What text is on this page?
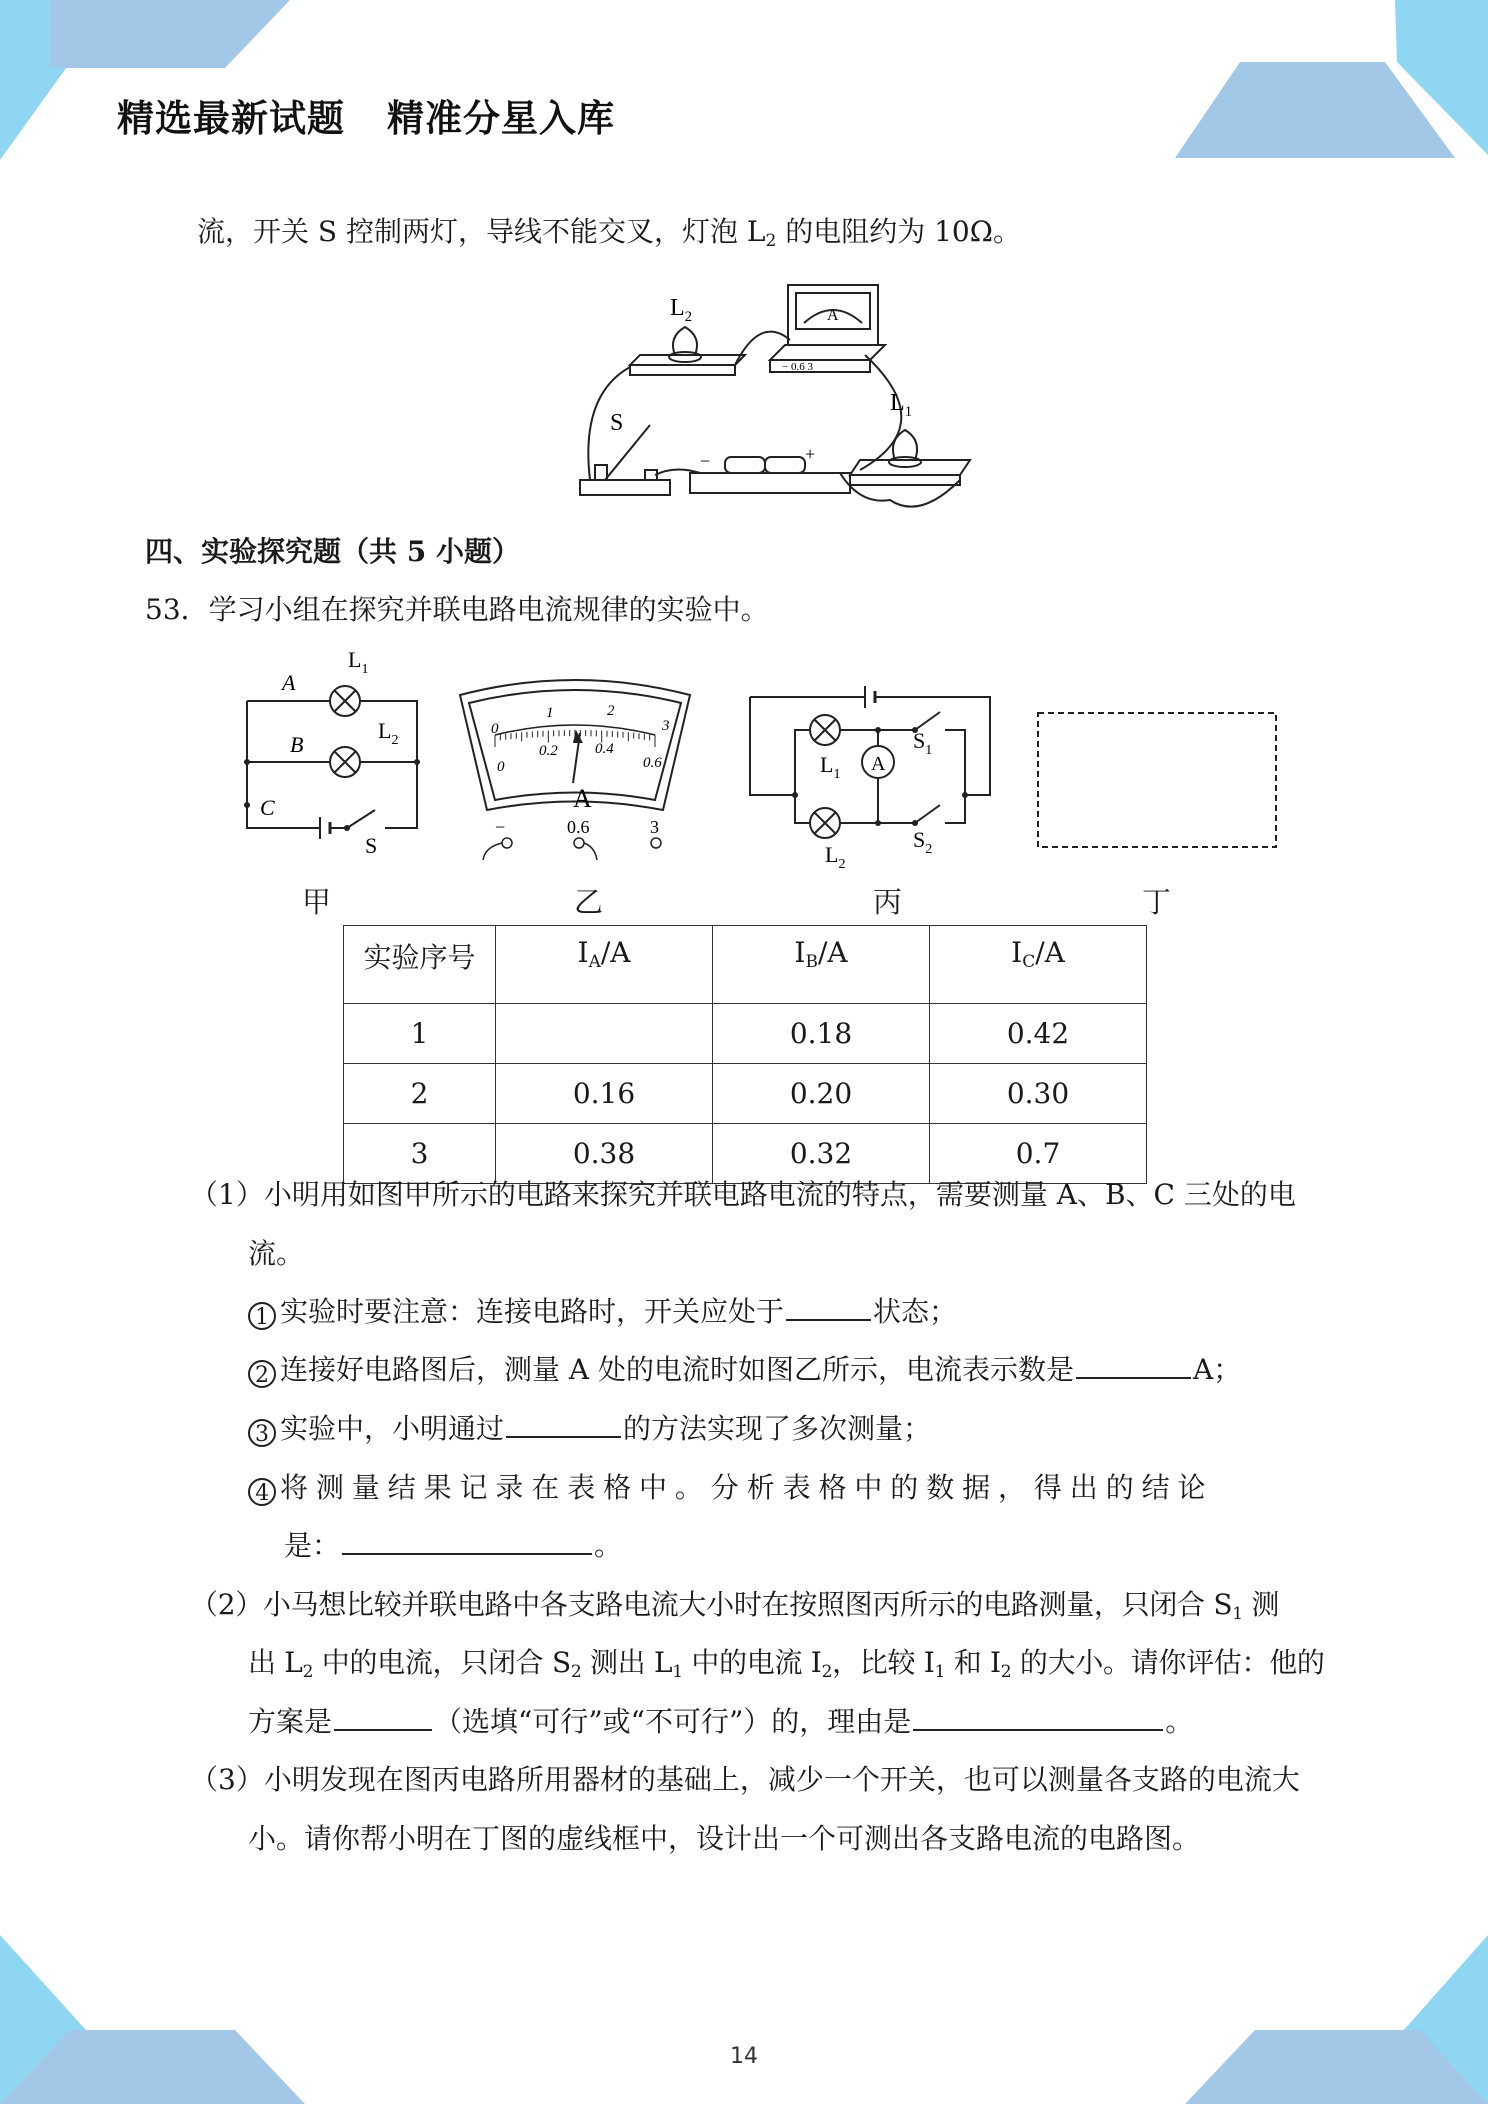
精选最新试题 精准分星入库
流，开关 S 控制两灯，导线不能交叉，灯泡 $L_2$ 的电阻约为 10Ω。
$L_2$
$L_1$
S
A
− 0.6 3
−	+
四、实验探究题（共 5 小题）
53．学习小组在探究并联电路电流规律的实验中。
A
B
C
$L_1$
$L_2$
S
0
1	2
3
0
0.2 0.4
0.6
A
−	0.6	3
A
$L_1$
$L_2$
$S_1$
$S_2$
甲	乙	丙	丁
实验序号	$I_A/A$	$I_B/A$	$I_C/A$
1		0.18	0.42
2	0.16	0.20	0.30
3	0.38	0.32	0.7
（1）小明用如图甲所示的电路来探究并联电路电流的特点，需要测量 A、B、C 三处的电
流。
1 实验时要注意：连接电路时，开关应处于	状态；
2 连接好电路图后，测量 A 处的电流时如图乙所示，电流表示数是	A；
3 实验中，小明通过	的方法实现了多次测量；
4 将 测 量 结 果 记 录 在 表 格 中 。 分 析 表 格 中 的 数 据 ， 得 出 的 结 论
是：	。
（2）小马想比较并联电路中各支路电流大小时在按照图丙所示的电路测量，只闭合 $S_1$ 测
出 $L_2$ 中的电流，只闭合 $S_2$ 测出 $L_1$ 中的电流 $I_2$，比较 $I_1$ 和 $I_2$ 的大小。请你评估：他的
方案是	（选填“可行”或“不可行”）的，理由是	。
（3）小明发现在图丙电路所用器材的基础上，减少一个开关，也可以测量各支路的电流大
小。请你帮小明在丁图的虚线框中，设计出一个可测出各支路电流的电路图。
14
